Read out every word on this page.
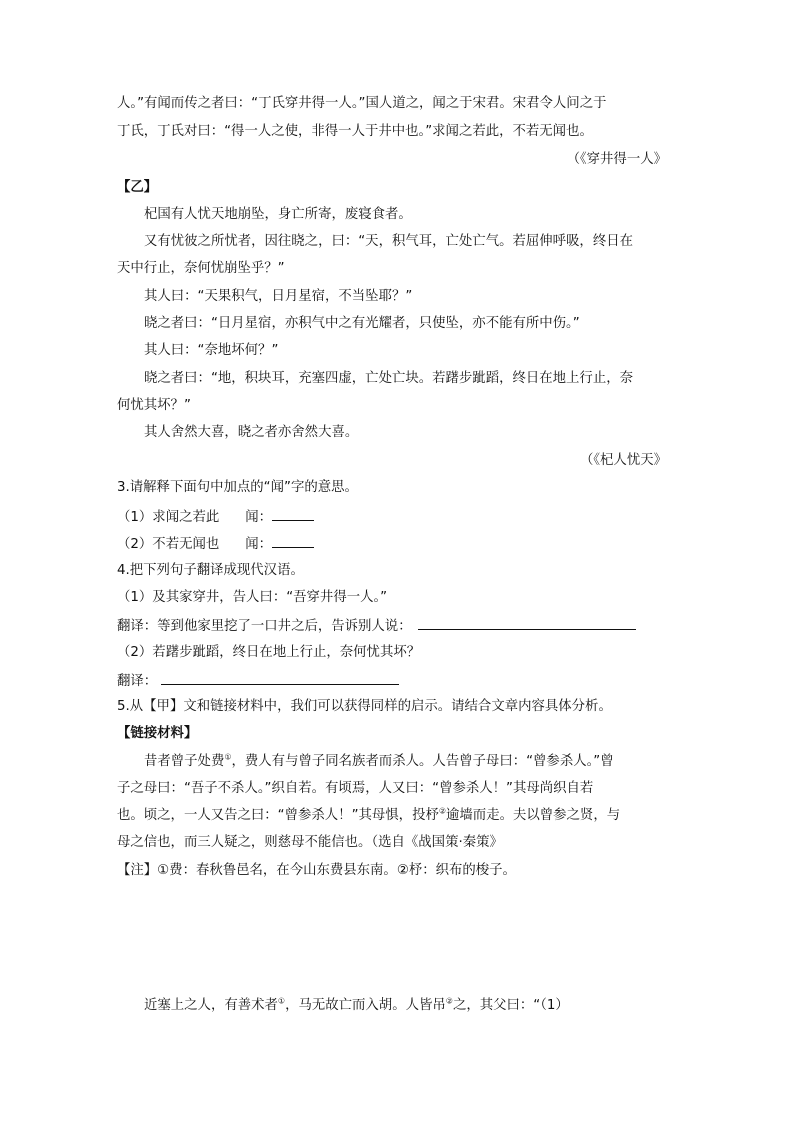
人。”有闻而传之者曰：“丁氏穿井得一人。”国人道之，闻之于宋君。宋君令人问之于
丁氏，丁氏对曰：“得一人之使，非得一人于井中也。”求闻之若此，不若无闻也。
（《穿井得一人》
【乙】
杞国有人忧天地崩坠，身亡所寄，废寝食者。
又有忧彼之所忧者，因往晓之，曰：“天，积气耳，亡处亡气。若屈伸呼吸，终日在
天中行止，奈何忧崩坠乎？”
其人曰：“天果积气，日月星宿，不当坠耶？”
晓之者曰：“日月星宿，亦积气中之有光耀者，只使坠，亦不能有所中伤。”
其人曰：“奈地坏何？”
晓之者曰：“地，积块耳，充塞四虚，亡处亡块。若躇步跐蹈，终日在地上行止，奈
何忧其坏？”
其人舍然大喜，晓之者亦舍然大喜。
（《杞人忧天》
3.请解释下面句中加点的“闻”字的意思。
（1）求闻之若此 闻：
（2）不若无闻也 闻：
4.把下列句子翻译成现代汉语。
（1）及其家穿井，告人曰：“吾穿井得一人。”
翻译：等到他家里挖了一口井之后，告诉别人说：
（2）若躇步跐蹈，终日在地上行止，奈何忧其坏？
翻译：
5.从【甲】文和链接材料中，我们可以获得同样的启示。请结合文章内容具体分析。
【链接材料】
昔者曾子处费①，费人有与曾子同名族者而杀人。人告曾子母曰：“曾参杀人。”曾
子之母曰：“吾子不杀人。”织自若。有顷焉，人又曰：“曾参杀人！”其母尚织自若
也。顷之，一人又告之曰：“曾参杀人！”其母惧，投杼②逾墙而走。夫以曾参之贤，与
母之信也，而三人疑之，则慈母不能信也。（选自《战国策·秦策》
【注】①费：春秋鲁邑名，在今山东费县东南。②杼：织布的梭子。
近塞上之人，有善术者①，马无故亡而入胡。人皆吊②之，其父曰：“（1）
